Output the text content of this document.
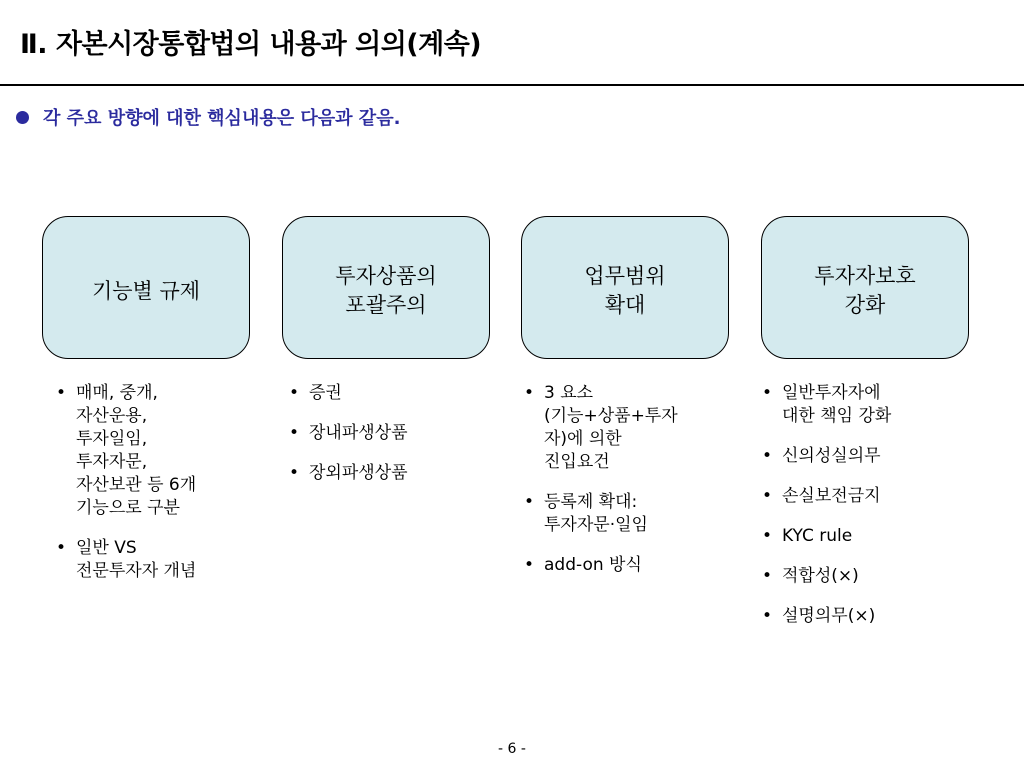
Ⅱ. 자본시장통합법의 내용과 의의(계속)
각 주요 방향에 대한 핵심내용은 다음과 같음.
기능별 규제
• 매매, 중개,
자산운용,
투자일임,
투자자문,
자산보관 등 6개
기능으로 구분
• 일반 VS
전문투자자 개념
투자상품의
포괄주의
• 증권
• 장내파생상품
• 장외파생상품
업무범위
확대
• 3 요소
(기능+상품+투자
자)에 의한
진입요건
• 등록제 확대:
투자자문·일임
• add-on 방식
투자자보호
강화
• 일반투자자에
대한 책임 강화
• 신의성실의무
• 손실보전금지
• KYC rule
• 적합성(×)
• 설명의무(×)
- 6 -
